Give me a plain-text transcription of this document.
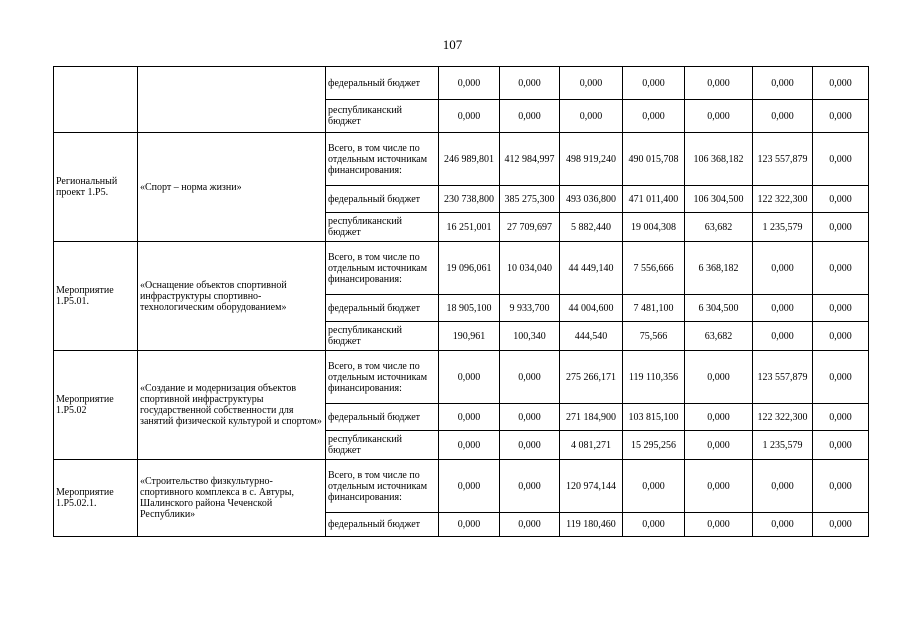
107
		федеральный бюджет	0,000	0,000	0,000	0,000	0,000	0,000	0,000
		республиканский бюджет	0,000	0,000	0,000	0,000	0,000	0,000	0,000
Региональный проект 1.Р5.	«Спорт – норма жизни»	Всего, в том числе по отдельным источникам финансирования:	246 989,801	412 984,997	498 919,240	490 015,708	106 368,182	123 557,879	0,000
		федеральный бюджет	230 738,800	385 275,300	493 036,800	471 011,400	106 304,500	122 322,300	0,000
		республиканский бюджет	16 251,001	27 709,697	5 882,440	19 004,308	63,682	1 235,579	0,000
Мероприятие 1.Р5.01.	«Оснащение объектов спортивной инфраструктуры спортивно-технологическим оборудованием»	Всего, в том числе по отдельным источникам финансирования:	19 096,061	10 034,040	44 449,140	7 556,666	6 368,182	0,000	0,000
		федеральный бюджет	18 905,100	9 933,700	44 004,600	7 481,100	6 304,500	0,000	0,000
		республиканский бюджет	190,961	100,340	444,540	75,566	63,682	0,000	0,000
Мероприятие 1.Р5.02	«Создание и модернизация объектов спортивной инфраструктуры государственной собственности для занятий физической культурой и спортом»	Всего, в том числе по отдельным источникам финансирования:	0,000	0,000	275 266,171	119 110,356	0,000	123 557,879	0,000
		федеральный бюджет	0,000	0,000	271 184,900	103 815,100	0,000	122 322,300	0,000
		республиканский бюджет	0,000	0,000	4 081,271	15 295,256	0,000	1 235,579	0,000
Мероприятие 1.Р5.02.1.	«Строительство физкультурно-спортивного комплекса в с. Автуры, Шалинского района Чеченской Республики»	Всего, в том числе по отдельным источникам финансирования:	0,000	0,000	120 974,144	0,000	0,000	0,000	0,000
		федеральный бюджет	0,000	0,000	119 180,460	0,000	0,000	0,000	0,000
